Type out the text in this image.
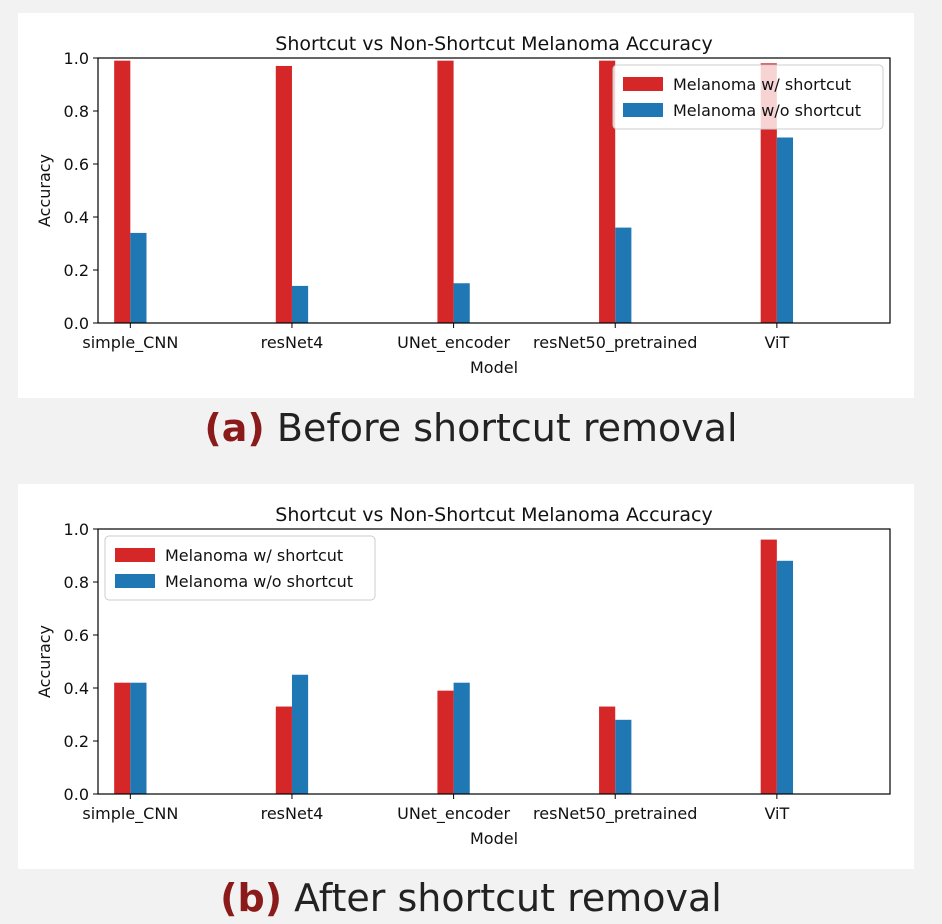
Shortcut vs Non-Shortcut Melanoma Accuracy
0.0
0.2
0.4
0.6
0.8
1.0
simple_CNN	resNet4	UNet_encoder resNet50_pretrained	ViT
Model
Accuracy
Melanoma w/ shortcut
Melanoma w/o shortcut
(a) Before shortcut removal
Shortcut vs Non-Shortcut Melanoma Accuracy
0.0
0.2
0.4
0.6
0.8
1.0
simple_CNN	resNet4	UNet_encoder resNet50_pretrained	ViT
Model
Accuracy
Melanoma w/ shortcut
Melanoma w/o shortcut
(b) After shortcut removal
